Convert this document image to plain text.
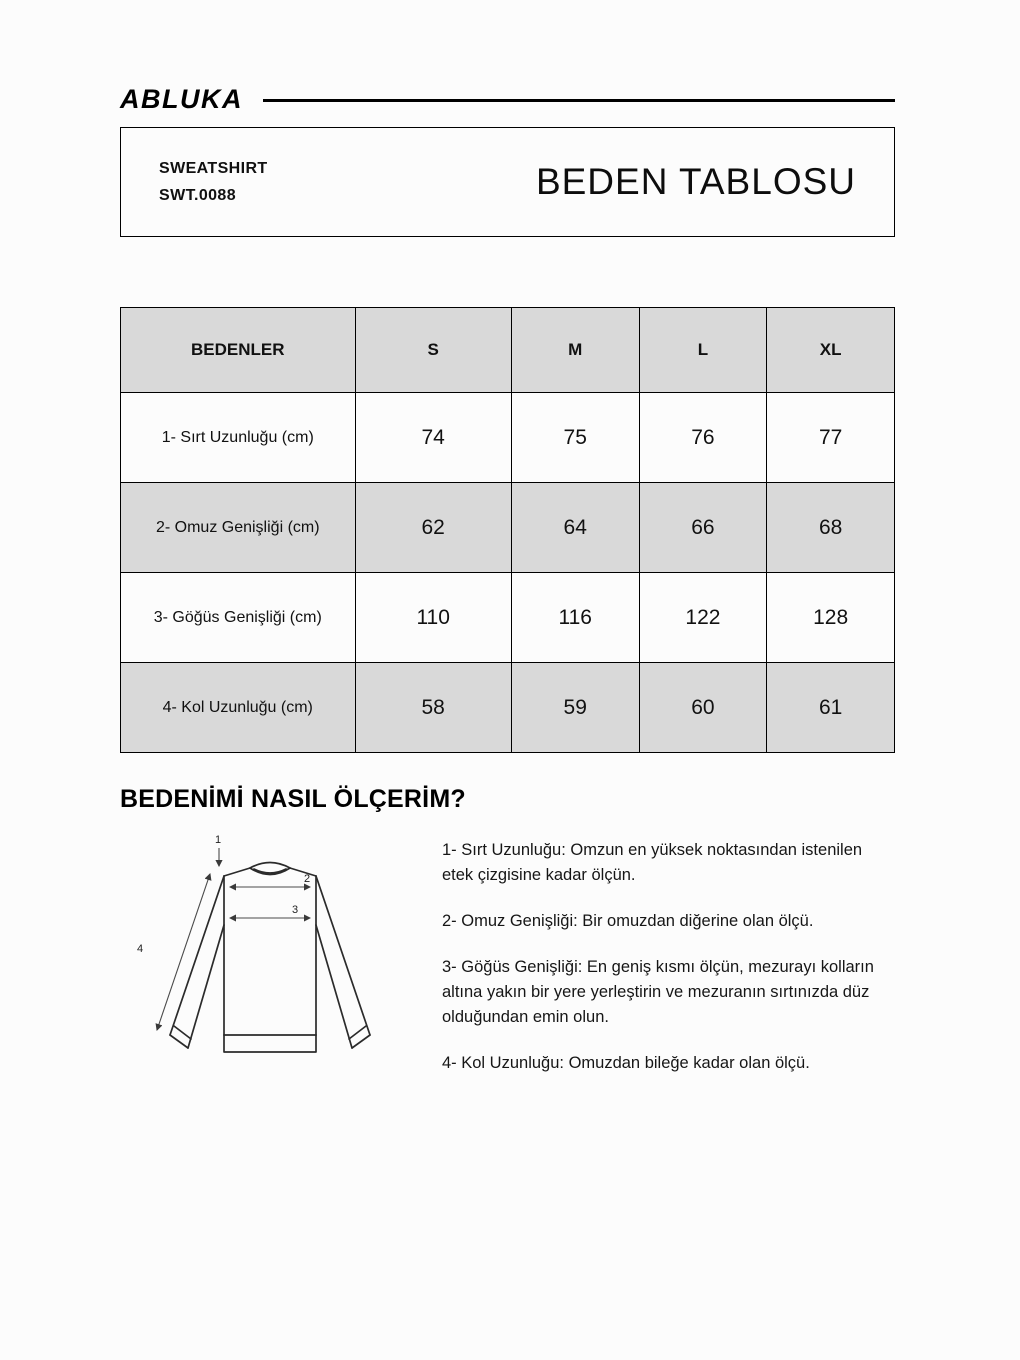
ABLUKA
SWEATSHIRT
SWT.0088	BEDEN TABLOSU
BEDENLER	S	M	L	XL
1- Sırt Uzunluğu (cm)	74	75	76	77
2- Omuz Genişliği (cm)	62	64	66	68
3- Göğüs Genişliği (cm)	110	116	122	128
4- Kol Uzunluğu (cm)	58	59	60	61
BEDENİMİ NASIL ÖLÇERİM?
1
2
3
4

1- Sırt Uzunluğu: Omzun en yüksek noktasından istenilen etek çizgisine kadar ölçün.

2- Omuz Genişliği: Bir omuzdan diğerine olan ölçü.

3- Göğüs Genişliği: En geniş kısmı ölçün, mezurayı kolların altına yakın bir yere yerleştirin ve mezuranın sırtınızda düz olduğundan emin olun.

4- Kol Uzunluğu: Omuzdan bileğe kadar olan ölçü.
